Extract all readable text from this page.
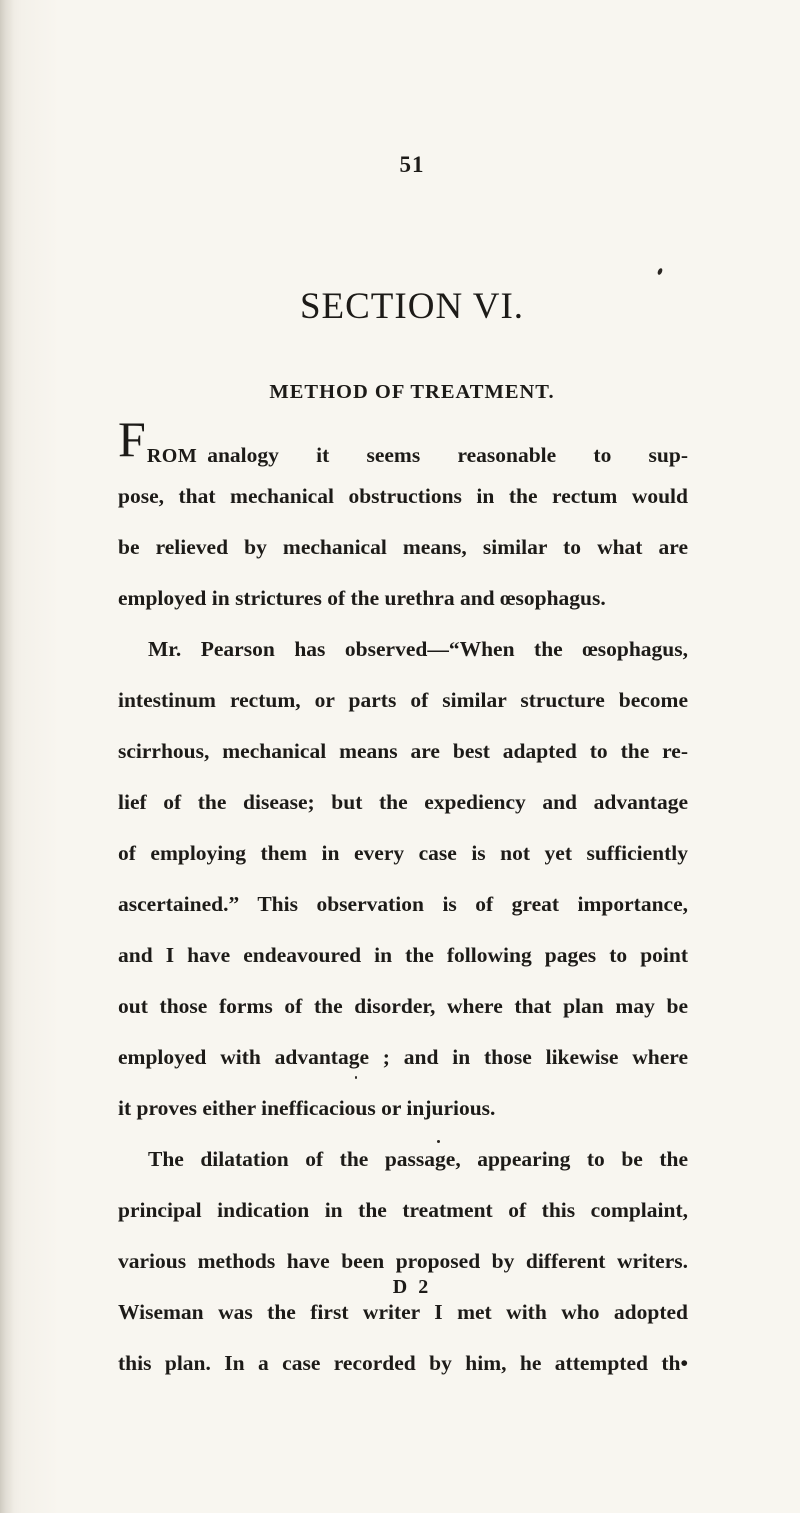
51
SECTION VI.
METHOD OF TREATMENT.
F ROM analogy it seems reasonable to sup-
pose, that mechanical obstructions in the rectum would
be relieved by mechanical means, similar to what are
employed in strictures of the urethra and œsophagus.
Mr. Pearson has observed—“When the œsophagus,
intestinum rectum, or parts of similar structure become
scirrhous, mechanical means are best adapted to the re-
lief of the disease; but the expediency and advantage
of employing them in every case is not yet sufficiently
ascertained.” This observation is of great importance,
and I have endeavoured in the following pages to point
out those forms of the disorder, where that plan may be
employed with advantage ; and in those likewise where
it proves either inefficacious or injurious.
The dilatation of the passage, appearing to be the
principal indication in the treatment of this complaint,
various methods have been proposed by different writers.
Wiseman was the first writer I met with who adopted
this plan. In a case recorded by him, he attempted th•
D 2
